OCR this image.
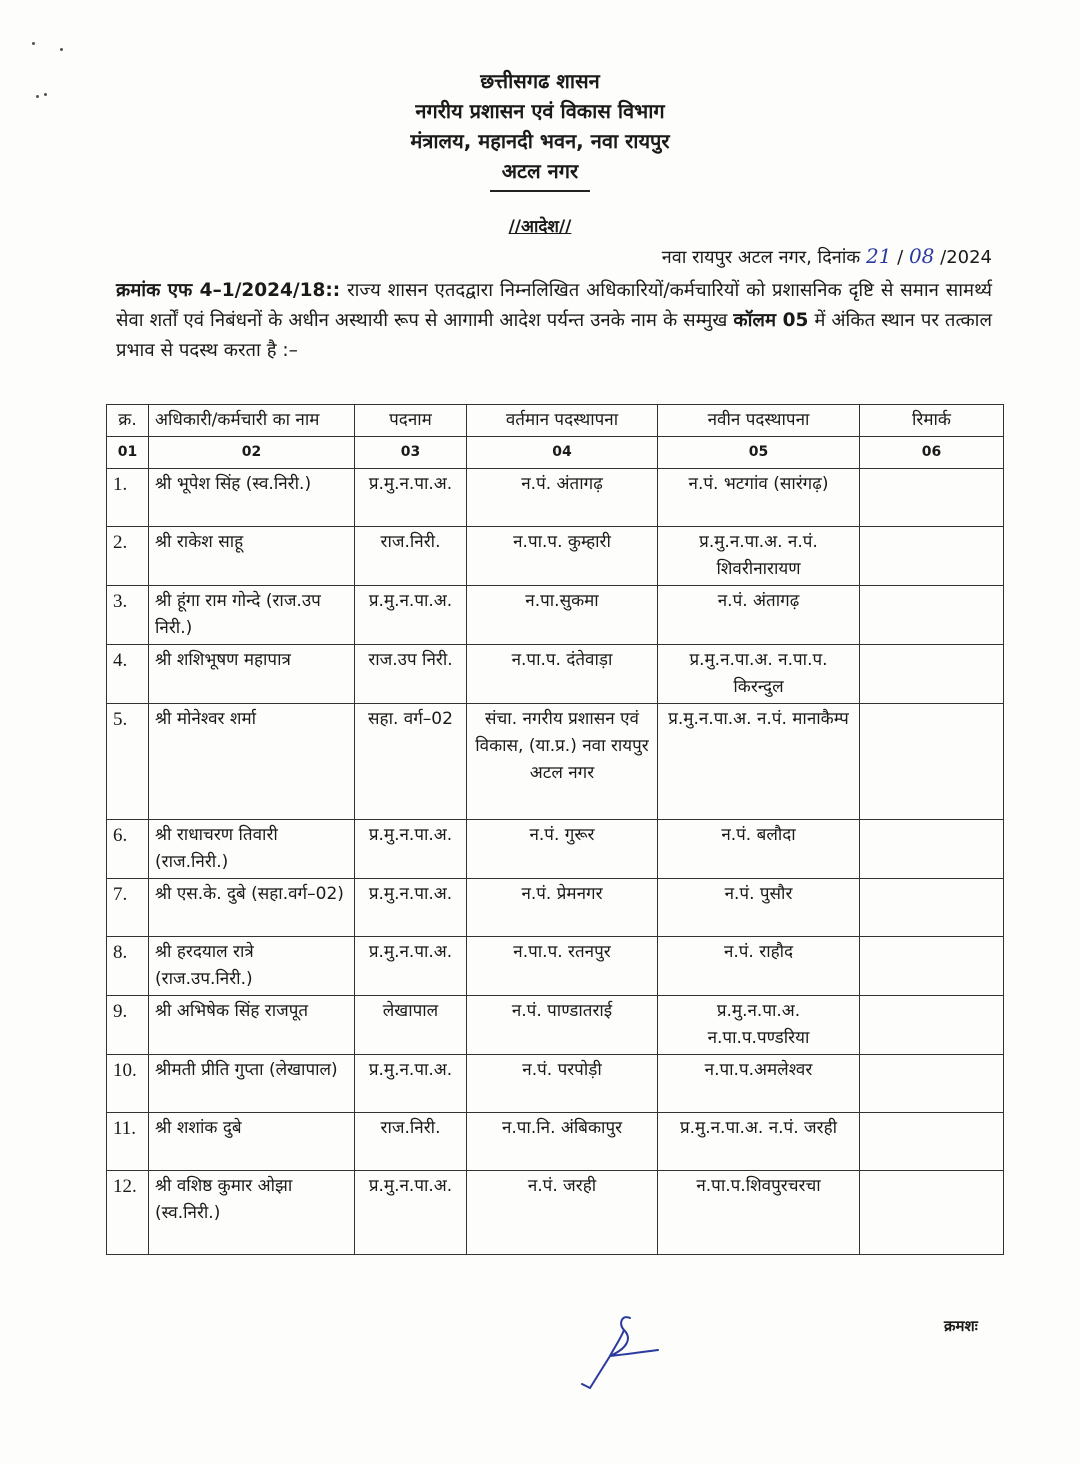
छत्तीसगढ शासन
नगरीय प्रशासन एवं विकास विभाग
मंत्रालय, महानदी भवन, नवा रायपुर
अटल नगर
//आदेश//
नवा रायपुर अटल नगर, दिनांक 21 / 08 /2024
क्रमांक एफ 4–1/2024/18:: राज्य शासन एतदद्वारा निम्नलिखित अधिकारियों/कर्मचारियों को प्रशासनिक दृष्टि से समान सामर्थ्य सेवा शर्तों एवं निबंधनों के अधीन अस्थायी रूप से आगामी आदेश पर्यन्त उनके नाम के सम्मुख कॉलम 05 में अंकित स्थान पर तत्काल प्रभाव से पदस्थ करता है :–
क्र.	अधिकारी/कर्मचारी का नाम	पदनाम	वर्तमान पदस्थापना	नवीन पदस्थापना	रिमार्क
01	02	03	04	05	06
1.	श्री भूपेश सिंह (स्व.निरी.)	प्र.मु.न.पा.अ.	न.पं. अंतागढ़	न.पं. भटगांव (सारंगढ़)	
2.	श्री राकेश साहू	राज.निरी.	न.पा.प. कुम्हारी	प्र.मु.न.पा.अ. न.पं. शिवरीनारायण	
3.	श्री हूंगा राम गोन्दे (राज.उप निरी.)	प्र.मु.न.पा.अ.	न.पा.सुकमा	न.पं. अंतागढ़	
4.	श्री शशिभूषण महापात्र	राज.उप निरी.	न.पा.प. दंतेवाड़ा	प्र.मु.न.पा.अ. न.पा.प. किरन्दुल	
5.	श्री मोनेश्वर शर्मा	सहा. वर्ग–02	संचा. नगरीय प्रशासन एवं विकास, (या.प्र.) नवा रायपुर अटल नगर	प्र.मु.न.पा.अ. न.पं. मानाकैम्प	
6.	श्री राधाचरण तिवारी (राज.निरी.)	प्र.मु.न.पा.अ.	न.पं. गुरूर	न.पं. बलौदा	
7.	श्री एस.के. दुबे (सहा.वर्ग–02)	प्र.मु.न.पा.अ.	न.पं. प्रेमनगर	न.पं. पुसौर	
8.	श्री हरदयाल रात्रे (राज.उप.निरी.)	प्र.मु.न.पा.अ.	न.पा.प. रतनपुर	न.पं. राहौद	
9.	श्री अभिषेक सिंह राजपूत	लेखापाल	न.पं. पाण्डातराई	प्र.मु.न.पा.अ. न.पा.प.पण्डरिया	
10.	श्रीमती प्रीति गुप्ता (लेखापाल)	प्र.मु.न.पा.अ.	न.पं. परपोड़ी	न.पा.प.अमलेश्वर	
11.	श्री शशांक दुबे	राज.निरी.	न.पा.नि. अंबिकापुर	प्र.मु.न.पा.अ. न.पं. जरही	
12.	श्री वशिष्ठ कुमार ओझा (स्व.निरी.)	प्र.मु.न.पा.अ.	न.पं. जरही	न.पा.प.शिवपुरचरचा	
क्रमशः
